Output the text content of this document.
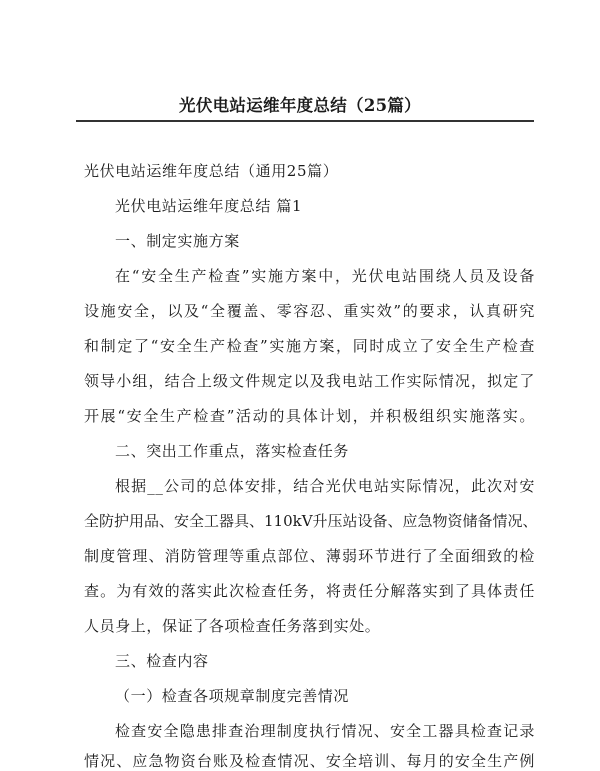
光伏电站运维年度总结（25篇）
光伏电站运维年度总结（通用25篇）
光伏电站运维年度总结 篇1
一、制定实施方案
在“安全生产检查”实施方案中，光伏电站围绕人员及设备
设施安全，以及“全覆盖、零容忍、重实效”的要求，认真研究
和制定了“安全生产检查”实施方案，同时成立了安全生产检查
领导小组，结合上级文件规定以及我电站工作实际情况，拟定了
开展“安全生产检查”活动的具体计划，并积极组织实施落实。
二、突出工作重点，落实检查任务
根据__公司的总体安排，结合光伏电站实际情况，此次对安
全防护用品、安全工器具、110kV升压站设备、应急物资储备情况、
制度管理、消防管理等重点部位、薄弱环节进行了全面细致的检
查。为有效的落实此次检查任务，将责任分解落实到了具体责任
人员身上，保证了各项检查任务落到实处。
三、检查内容
（一）检查各项规章制度完善情况
检查安全隐患排查治理制度执行情况、安全工器具检查记录
情况、应急物资台账及检查情况、安全培训、每月的安全生产例
